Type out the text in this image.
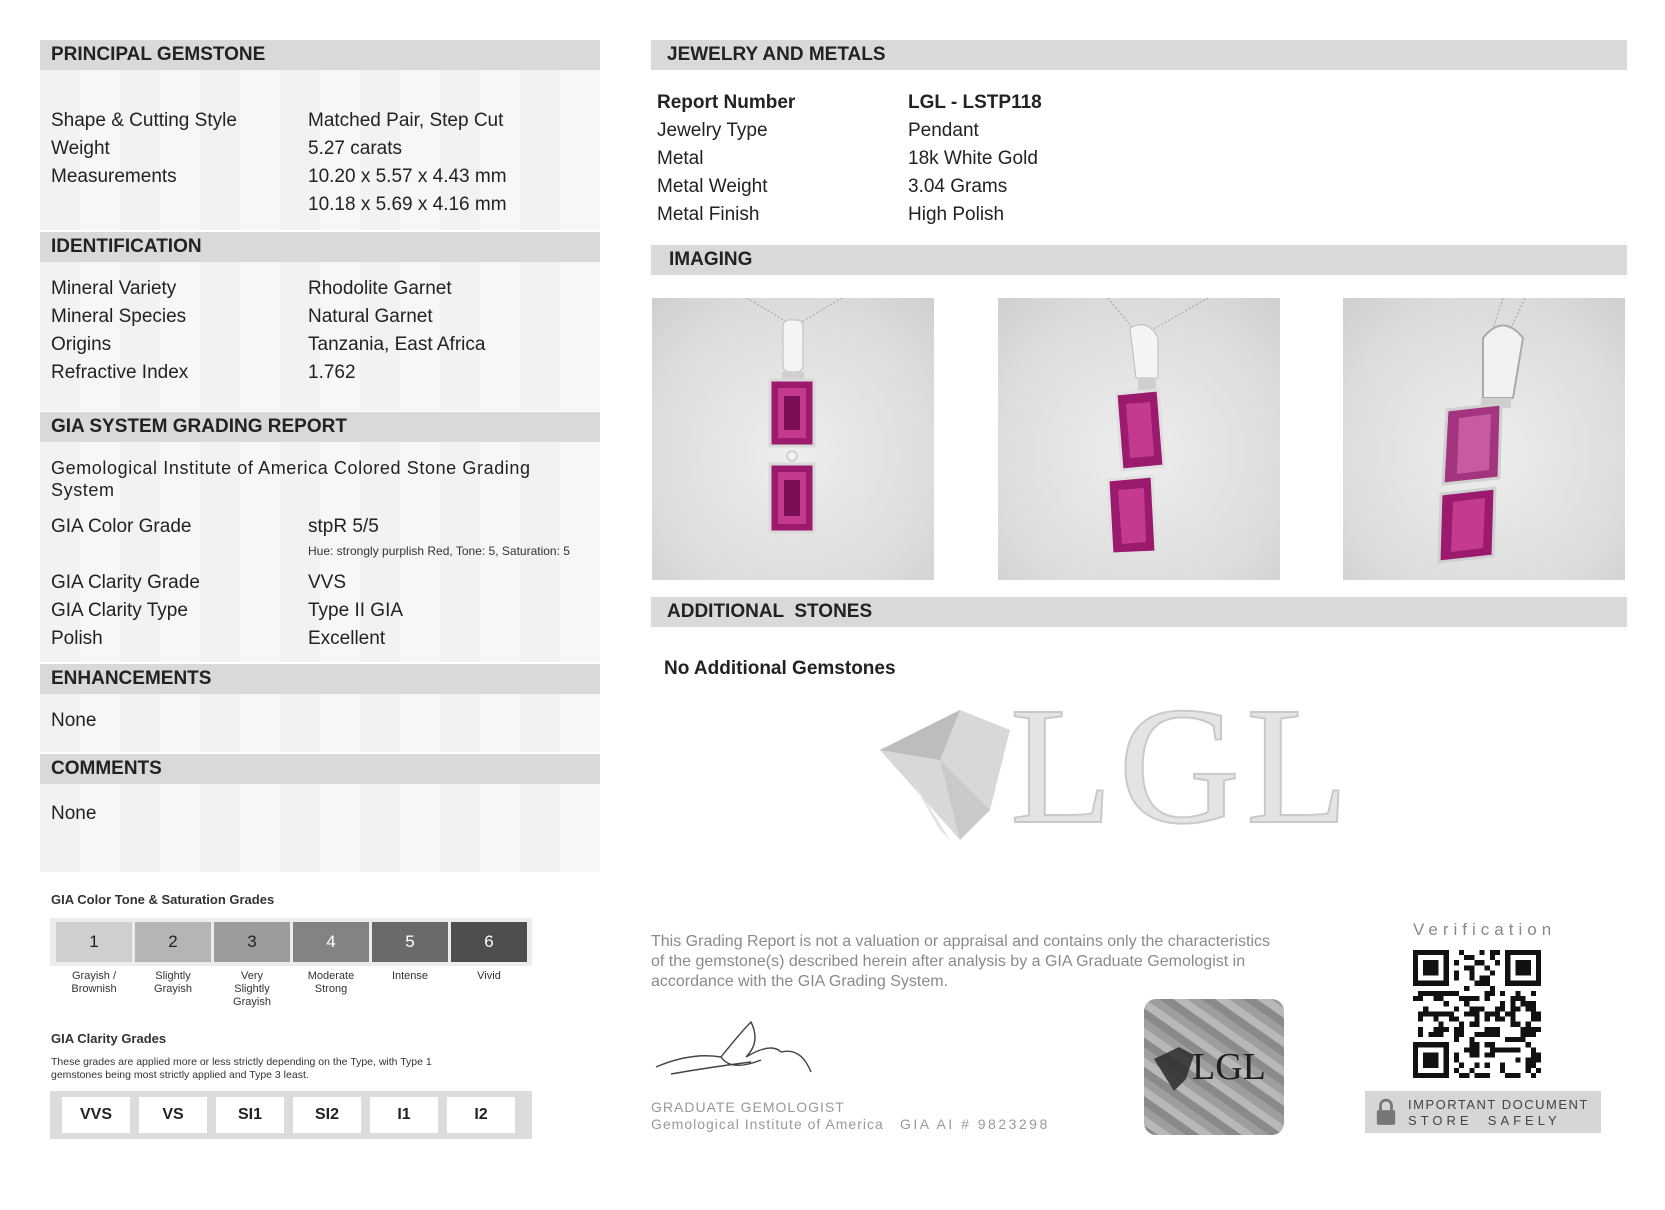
PRINCIPAL GEMSTONE
Shape & Cutting Style	Matched Pair, Step Cut
Weight	5.27 carats
Measurements	10.20 x 5.57 x 4.43 mm
10.18 x 5.69 x 4.16 mm
IDENTIFICATION
Mineral Variety	Rhodolite Garnet
Mineral Species	Natural Garnet
Origins	Tanzania, East Africa
Refractive Index	1.762
GIA SYSTEM GRADING REPORT
Gemological Institute of America Colored Stone Grading
System
GIA Color Grade	stpR 5/5
Hue: strongly purplish Red, Tone: 5, Saturation: 5
GIA Clarity Grade	VVS
GIA Clarity Type	Type II GIA
Polish	Excellent
ENHANCEMENTS
None
COMMENTS
None
GIA Color Tone & Saturation Grades
1
Grayish /
Brownish
2
Slightly
Grayish
3
Very
Slightly
Grayish
4
Moderate
Strong
5
Intense
6
Vivid
GIA Clarity Grades
These grades are applied more or less strictly depending on the Type, with Type 1
gemstones being most strictly applied and Type 3 least.
VVS	VS	SI1	SI2	I1	I2
JEWELRY AND METALS
Report Number	LGL - LSTP118
Jewelry Type	Pendant
Metal	18k White Gold
Metal Weight	3.04 Grams
Metal Finish	High Polish
IMAGING
ADDITIONAL  STONES
No Additional Gemstones
LGL
This Grading Report is not a valuation or appraisal and contains only the characteristics
of the gemstone(s) described herein after analysis by a GIA Graduate Gemologist in
accordance with the GIA Grading System.
GRADUATE GEMOLOGIST
Gemological Institute of America GIA AI # 9823298
LGL
Verification
IMPORTANT DOCUMENT
STORE  SAFELY
